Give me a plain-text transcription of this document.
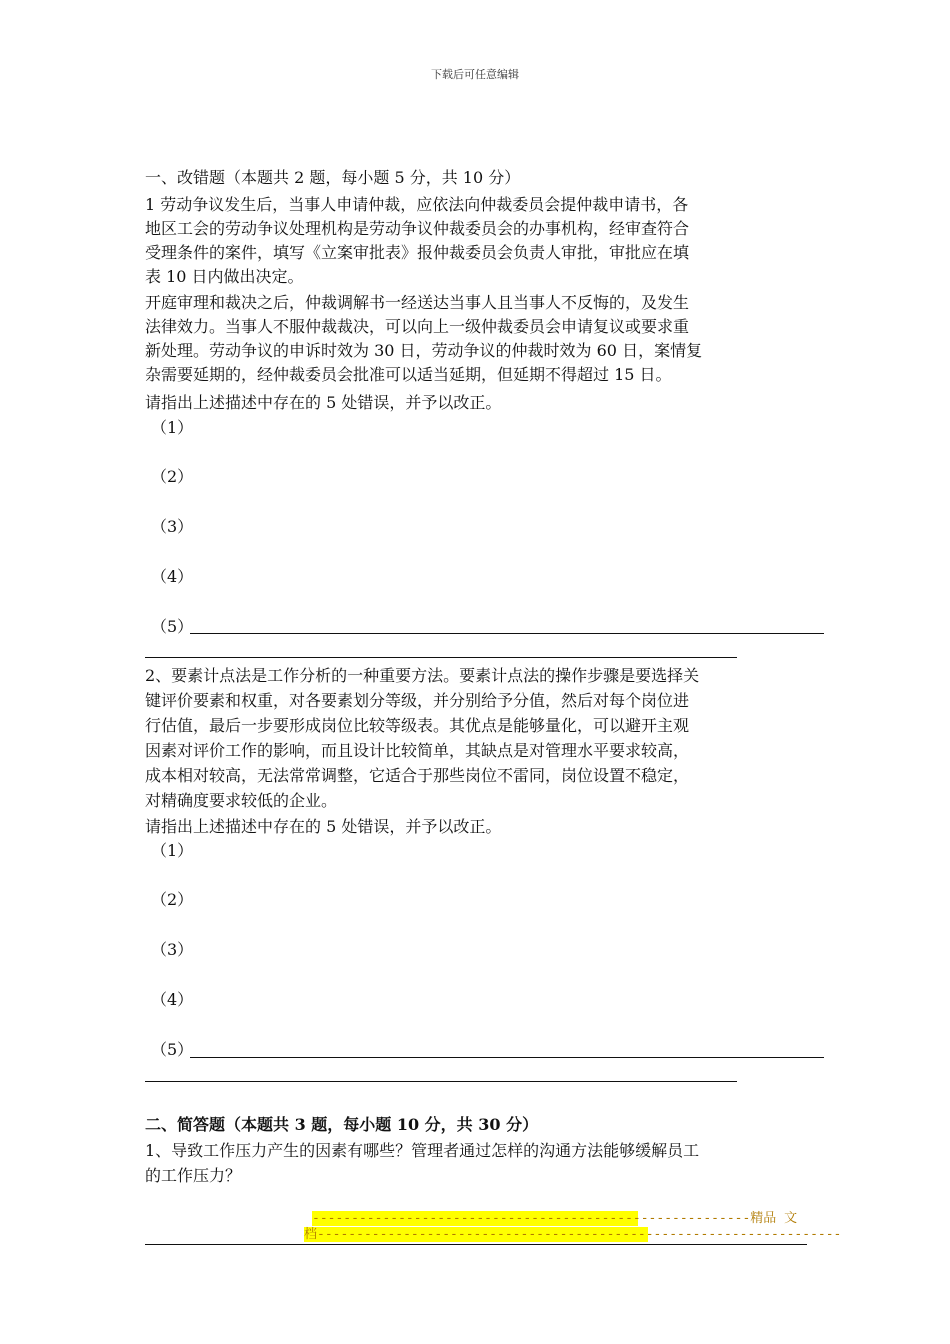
下载后可任意编辑
一、改错题（本题共 2 题，每小题 5 分，共 10 分）
1 劳动争议发生后，当事人申请仲裁，应依法向仲裁委员会提仲裁申请书，各
地区工会的劳动争议处理机构是劳动争议仲裁委员会的办事机构，经审查符合
受理条件的案件，填写《立案审批表》报仲裁委员会负责人审批，审批应在填
表 10 日内做出决定。
开庭审理和裁决之后，仲裁调解书一经送达当事人且当事人不反悔的，及发生
法律效力。当事人不服仲裁裁决，可以向上一级仲裁委员会申请复议或要求重
新处理。劳动争议的申诉时效为 30 日，劳动争议的仲裁时效为 60 日，案情复
杂需要延期的，经仲裁委员会批准可以适当延期，但延期不得超过 15 日。
请指出上述描述中存在的 5 处错误，并予以改正。
（1）
（2）
（3）
（4）
（5）
2、要素计点法是工作分析的一种重要方法。要素计点法的操作步骤是要选择关
键评价要素和权重，对各要素划分等级，并分别给予分值，然后对每个岗位进
行估值，最后一步要形成岗位比较等级表。其优点是能够量化，可以避开主观
因素对评价工作的影响，而且设计比较简单，其缺点是对管理水平要求较高，
成本相对较高，无法常常调整，它适合于那些岗位不雷同，岗位设置不稳定，
对精确度要求较低的企业。
请指出上述描述中存在的 5 处错误，并予以改正。
（1）
（2）
（3）
（4）
（5）
二、简答题（本题共 3 题，每小题 10 分，共 30 分）
1、导致工作压力产生的因素有哪些？管理者通过怎样的沟通方法能够缓解员工
的工作压力？
--------------------------------------------------------精品 文
档-------------------------------------------------------------------
